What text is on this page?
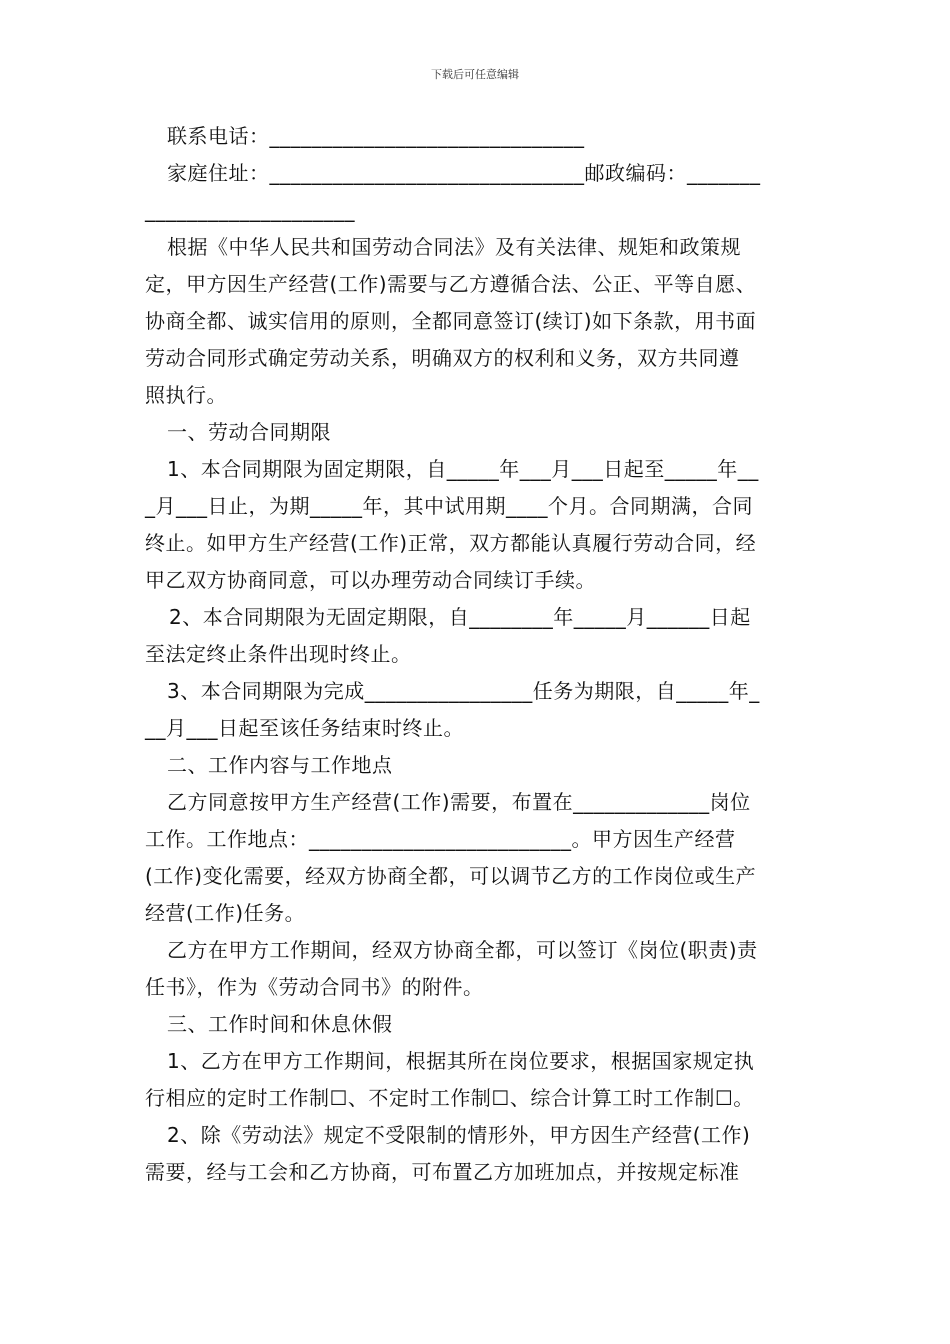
下载后可任意编辑

联系电话：______________________________

家庭住址：______________________________邮政编码：_______

____________________

根据《中华人民共和国劳动合同法》及有关法律、规矩和政策规

定，甲方因生产经营(工作)需要与乙方遵循合法、公正、平等自愿、

协商全都、诚实信用的原则，全都同意签订(续订)如下条款，用书面

劳动合同形式确定劳动关系，明确双方的权利和义务，双方共同遵

照执行。

一、劳动合同期限

1、本合同期限为固定期限，自_____年___月___日起至_____年__

_月___日止，为期_____年，其中试用期____个月。合同期满，合同

终止。如甲方生产经营(工作)正常，双方都能认真履行劳动合同，经

甲乙双方协商同意，可以办理劳动合同续订手续。

2、本合同期限为无固定期限，自________年_____月______日起

至法定终止条件出现时终止。

3、本合同期限为完成________________任务为期限，自_____年_

__月___日起至该任务结束时终止。

二、工作内容与工作地点

乙方同意按甲方生产经营(工作)需要，布置在_____________岗位

工作。工作地点：_________________________。甲方因生产经营

(工作)变化需要，经双方协商全都，可以调节乙方的工作岗位或生产

经营(工作)任务。

乙方在甲方工作期间，经双方协商全都，可以签订《岗位(职责)责

任书》，作为《劳动合同书》的附件。

三、工作时间和休息休假

1、乙方在甲方工作期间，根据其所在岗位要求，根据国家规定执

行相应的定时工作制☐、不定时工作制☐、综合计算工时工作制☐。

2、除《劳动法》规定不受限制的情形外，甲方因生产经营(工作)

需要，经与工会和乙方协商，可布置乙方加班加点，并按规定标准
